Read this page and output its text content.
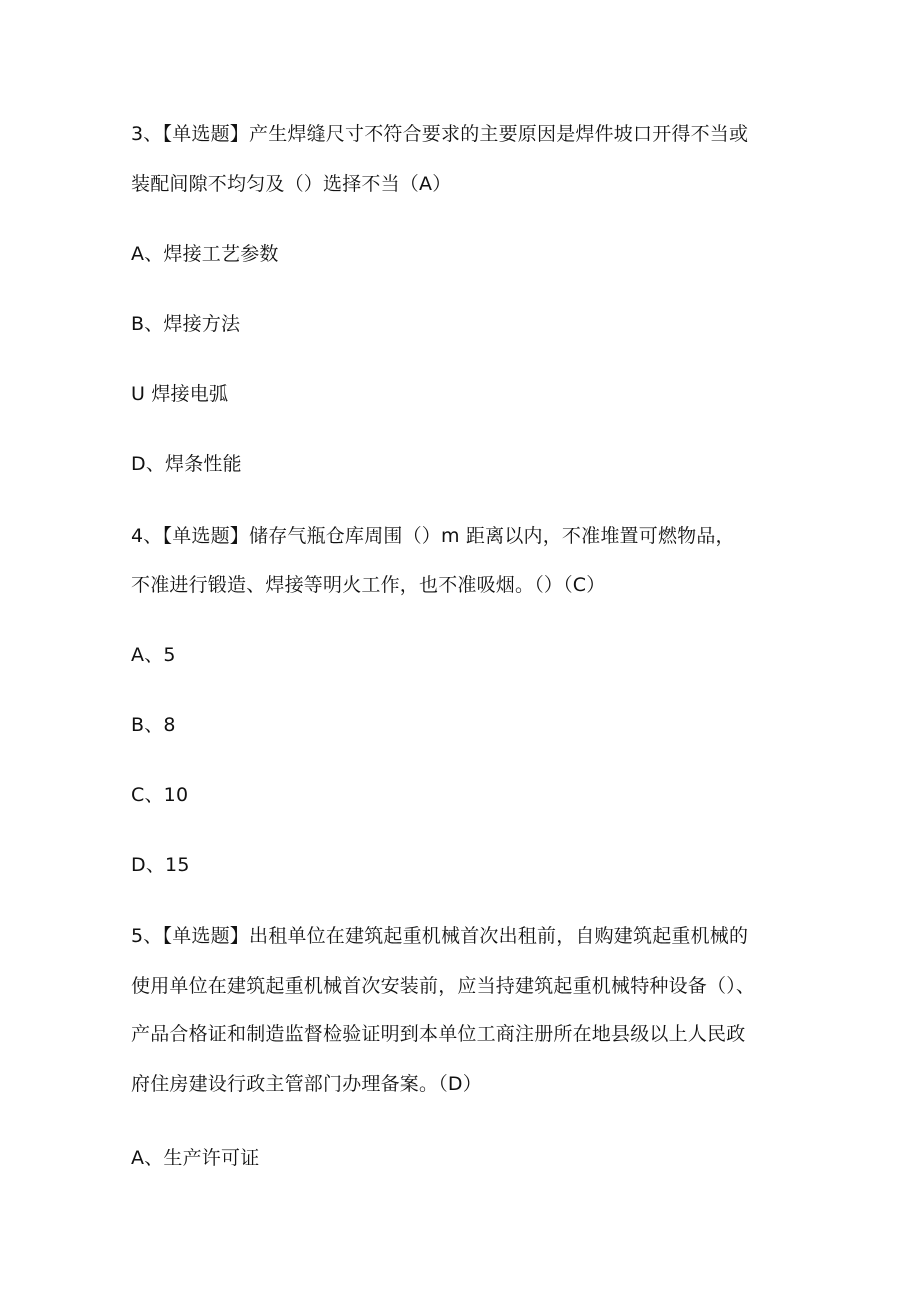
3、【单选题】产生焊缝尺寸不符合要求的主要原因是焊件坡口开得不当或
装配间隙不均匀及（）选择不当（A）
A、焊接工艺参数
B、焊接方法
U 焊接电弧
D、焊条性能
4、【单选题】储存气瓶仓库周围（）m 距离以内，不准堆置可燃物品，
不准进行锻造、焊接等明火工作，也不准吸烟。（）（C）
A、5
B、8
C、10
D、15
5、【单选题】出租单位在建筑起重机械首次出租前，自购建筑起重机械的
使用单位在建筑起重机械首次安装前，应当持建筑起重机械特种设备（）、
产品合格证和制造监督检验证明到本单位工商注册所在地县级以上人民政
府住房建设行政主管部门办理备案。（D）
A、生产许可证
